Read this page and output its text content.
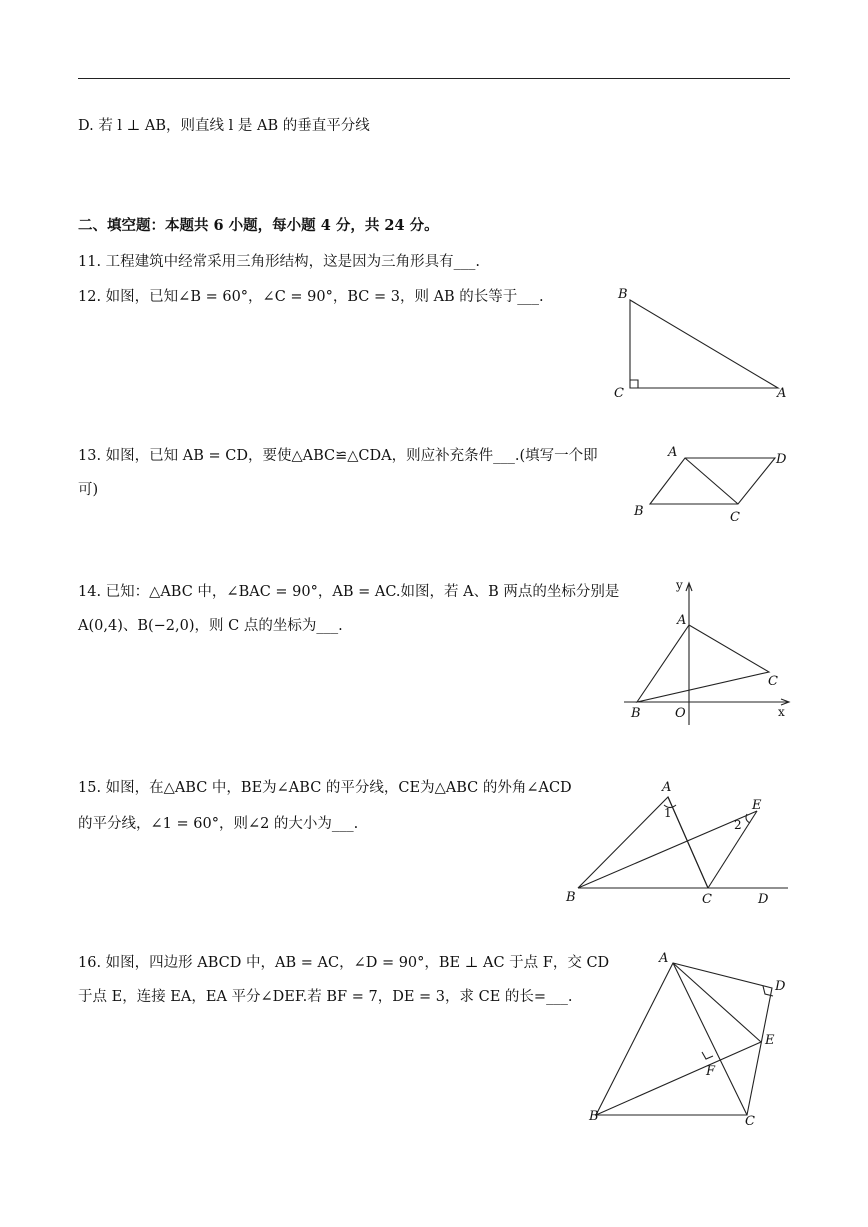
D. 若 l ⊥ AB，则直线 l 是 AB 的垂直平分线
二、填空题：本题共 6 小题，每小题 4 分，共 24 分。
11. 工程建筑中经常采用三角形结构，这是因为三角形具有___.
12. 如图，已知∠B = 60°，∠C = 90°，BC = 3，则 AB 的长等于___.
13. 如图，已知 AB = CD，要使△ABC≌△CDA，则应补充条件___.(填写一个即
可)
14. 已知：△ABC 中，∠BAC = 90°，AB = AC.如图，若 A、B 两点的坐标分别是
A(0,4)、B(−2,0)，则 C 点的坐标为___.
15. 如图，在△ABC 中，BE为∠ABC 的平分线，CE为△ABC 的外角∠ACD
的平分线，∠1 = 60°，则∠2 的大小为___.
16. 如图，四边形 ABCD 中，AB = AC，∠D = 90°，BE ⊥ AC 于点 F，交 CD
于点 E，连接 EA，EA 平分∠DEF.若 BF = 7，DE = 3，求 CE 的长=___.
B
C	A
A	D
B	C
y
x
A
B
C
O
A
E
B	C	D
1
2
A
D
E
F
B	C
